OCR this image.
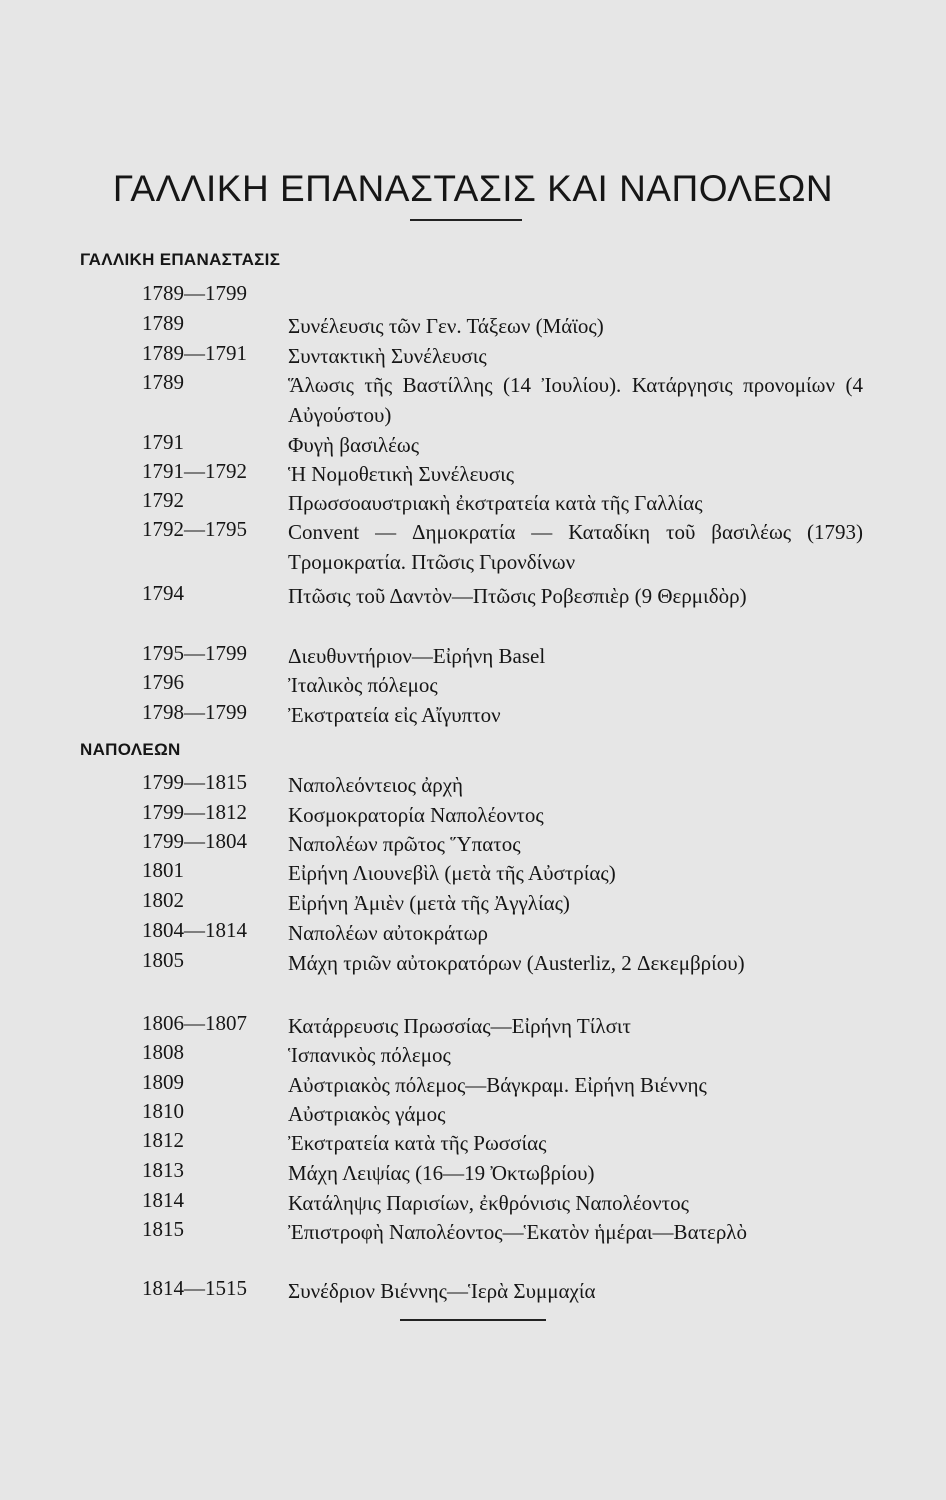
ΓΑΛΛΙΚΗ ΕΠΑΝΑΣΤΑΣΙΣ ΚΑΙ ΝΑΠΟΛΕΩΝ
ΓΑΛΛΙΚΗ ΕΠΑΝΑΣΤΑΣΙΣ
1789—1799
1789	Συνέλευσις τῶν Γεν. Τάξεων (Μάϊος)
1789—1791	Συντακτικὴ Συνέλευσις
1789	Ἅλωσις τῆς Βαστίλλης (14 Ἰουλίου). Κατάργησις προνομίων (4 Αὐγούστου)
1791	Φυγὴ βασιλέως
1791—1792	Ἡ Νομοθετικὴ Συνέλευσις
1792	Πρωσσοαυστριακὴ ἐκστρατεία κατὰ τῆς Γαλλίας
1792—1795	Convent — Δημοκρατία — Καταδίκη τοῦ βασιλέως (1793) Τρομοκρατία. Πτῶσις Γιρονδίνων
1794	Πτῶσις τοῦ Δαντὸν—Πτῶσις Ροβεσπιὲρ (9 Θερμιδὸρ)
1795—1799	Διευθυντήριον—Εἰρήνη Basel
1796	Ἰταλικὸς πόλεμος
1798—1799	Ἐκστρατεία εἰς Αἴγυπτον
ΝΑΠΟΛΕΩΝ
1799—1815	Ναπολεόντειος ἀρχὴ
1799—1812	Κοσμοκρατορία Ναπολέοντος
1799—1804	Ναπολέων πρῶτος Ὕπατος
1801	Εἰρήνη Λιουνεβὶλ (μετὰ τῆς Αὐστρίας)
1802	Εἰρήνη Ἀμιὲν (μετὰ τῆς Ἀγγλίας)
1804—1814	Ναπολέων αὐτοκράτωρ
1805	Μάχη τριῶν αὐτοκρατόρων (Austerliz, 2 Δεκεμβρίου)
1806—1807	Κατάρρευσις Πρωσσίας—Εἰρήνη Τίλσιτ
1808	Ἱσπανικὸς πόλεμος
1809	Αὐστριακὸς πόλεμος—Βάγκραμ. Εἰρήνη Βιέννης
1810	Αὐστριακὸς γάμος
1812	Ἐκστρατεία κατὰ τῆς Ρωσσίας
1813	Μάχη Λειψίας (16—19 Ὀκτωβρίου)
1814	Κατάληψις Παρισίων, ἐκθρόνισις Ναπολέοντος
1815	Ἐπιστροφὴ Ναπολέοντος—Ἑκατὸν ἡμέραι—Βατερλὸ
1814—1515	Συνέδριον Βιέννης—Ἱερὰ Συμμαχία
